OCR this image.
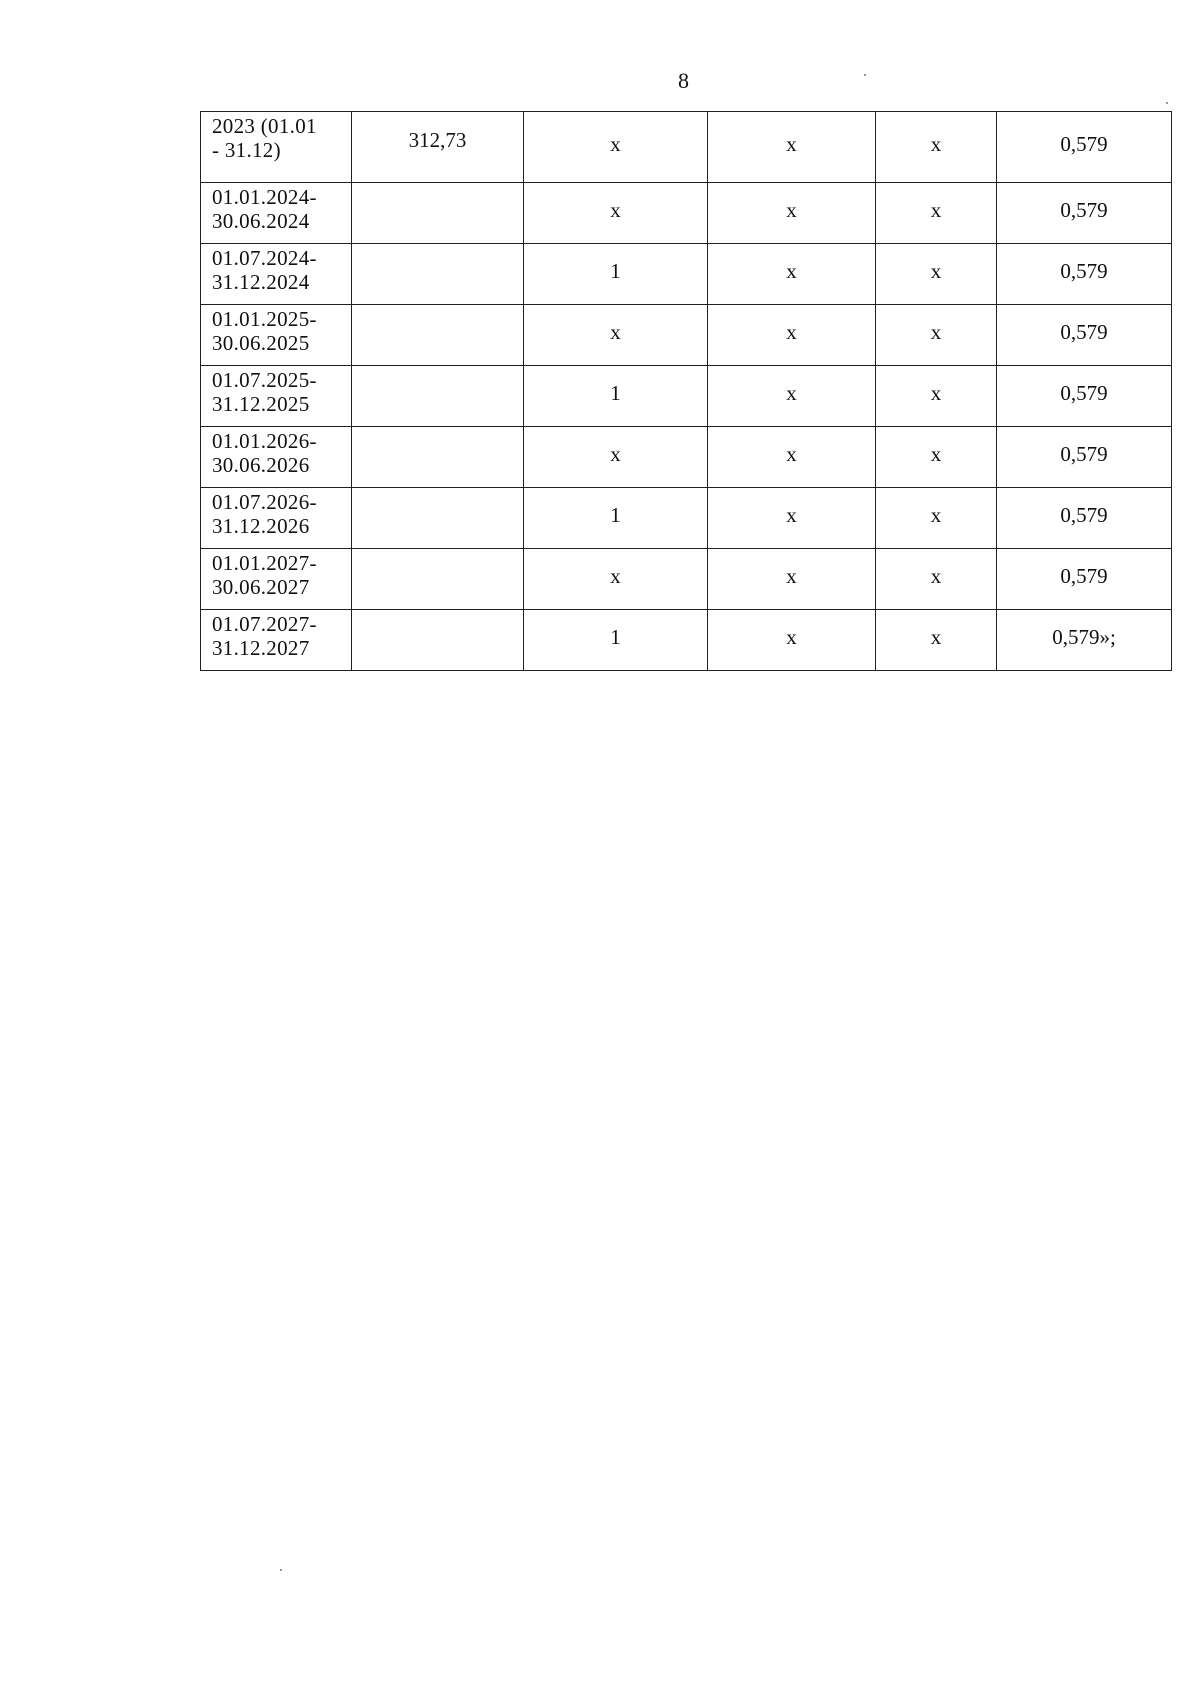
8
2023 (01.01
- 31.12)	312,73	x	x	x	0,579

01.01.2024-
30.06.2024		x	x	x	0,579

01.07.2024-
31.12.2024		1	x	x	0,579

01.01.2025-
30.06.2025		x	x	x	0,579

01.07.2025-
31.12.2025		1	x	x	0,579

01.01.2026-
30.06.2026		x	x	x	0,579

01.07.2026-
31.12.2026		1	x	x	0,579

01.01.2027-
30.06.2027		x	x	x	0,579

01.07.2027-
31.12.2027		1	x	x	0,579»;
